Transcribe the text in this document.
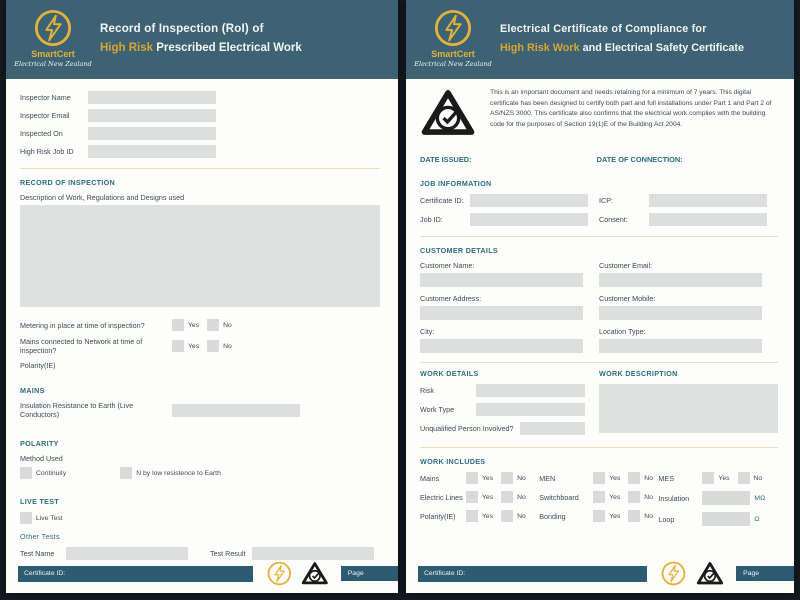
SmartCert
Electrical New Zealand
Record of Inspection (RoI) of
High Risk Prescribed Electrical Work
Inspector Name
Inspector Email
Inspected On
High Risk Job ID
RECORD OF INSPECTION
Description of Work, Regulations and Designs used
Metering in place at time of inspection?	Yes	No
Mains connected to Network at time of inspection?	Yes	No
Polarity(IE)
MAINS
Insulation Resistance to Earth (Live Conductors)
POLARITY
Method Used
Continuity	N by low resistence to Earth
LIVE TEST
Live Test
Other Tests
Test Name	Test Result
Certificate ID:	Page
SmartCert
Electrical New Zealand
Electrical Certificate of Compliance for
High Risk Work and Electrical Safety Certificate
This is an important document and needs retaining for a minimum of 7 years. This digital certificate has been designed to certify both part and full installations under Part 1 and Part 2 of AS/NZS 3000. This certificate also confirms that the electrical work complies with the building code for the purposes of Section 19(1)E of the Building Act 2004.
DATE ISSUED:	DATE OF CONNECTION:
JOB INFORMATION
Certificate ID:	ICP:
Job ID:	Consent:
CUSTOMER DETAILS
Customer Name:	Customer Email:
Customer Address:	Customer Mobile:
City:	Location Type:
WORK DETAILS
Risk
Work Type
Unqualified Person Involved?
WORK DESCRIPTION
WORK INCLUDES
Mains	Yes	No
Electric Lines	Yes	No
Polarity(IE)	Yes	No
MEN	Yes	No
Switchboard	Yes	No
Bonding	Yes	No
MES	Yes	No
Insulation	MΩ
Loop	Ω
Certificate ID:	Page
